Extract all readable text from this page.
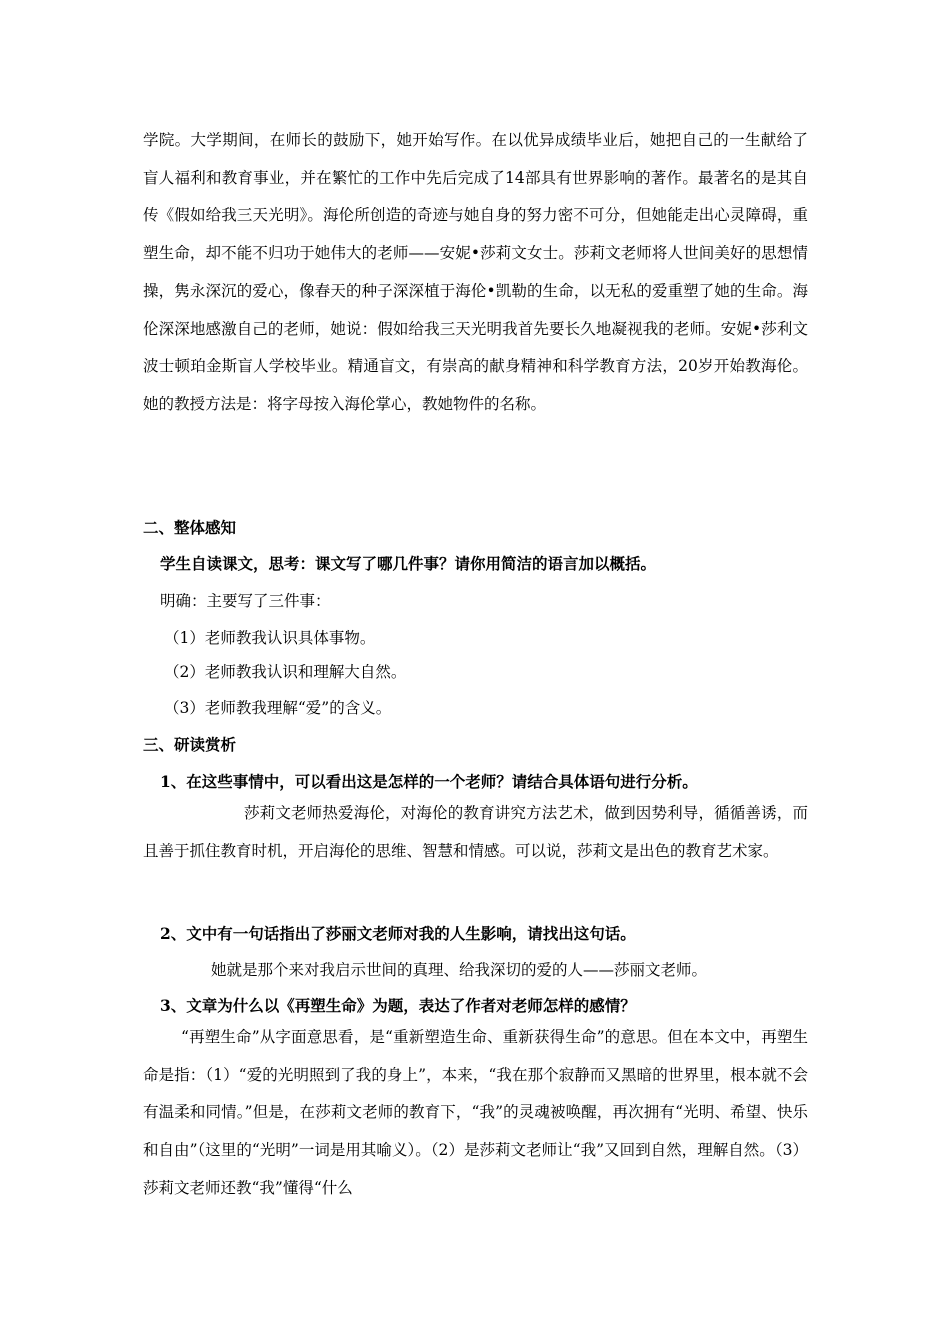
学院。大学期间，在师长的鼓励下，她开始写作。在以优异成绩毕业后，她把自己的一生献给了盲人福利和教育事业，并在繁忙的工作中先后完成了14部具有世界影响的著作。最著名的是其自传《假如给我三天光明》。海伦所创造的奇迹与她自身的努力密不可分，但她能走出心灵障碍，重塑生命，却不能不归功于她伟大的老师——安妮•莎莉文女士。莎莉文老师将人世间美好的思想情操，隽永深沉的爱心，像春天的种子深深植于海伦•凯勒的生命，以无私的爱重塑了她的生命。海伦深深地感激自己的老师，她说：假如给我三天光明我首先要长久地凝视我的老师。安妮•莎利文波士顿珀金斯盲人学校毕业。精通盲文，有崇高的献身精神和科学教育方法，20岁开始教海伦。她的教授方法是：将字母按入海伦掌心，教她物件的名称。

二、整体感知
学生自读课文，思考：课文写了哪几件事？请你用简洁的语言加以概括。
明确：主要写了三件事：
（1）老师教我认识具体事物。
（2）老师教我认识和理解大自然。
（3）老师教我理解“爱”的含义。
三、研读赏析
1、在这些事情中，可以看出这是怎样的一个老师？请结合具体语句进行分析。

莎莉文老师热爱海伦，对海伦的教育讲究方法艺术，做到因势利导，循循善诱，而且善于抓住教育时机，开启海伦的思维、智慧和情感。可以说，莎莉文是出色的教育艺术家。

2、文中有一句话指出了莎丽文老师对我的人生影响，请找出这句话。
她就是那个来对我启示世间的真理、给我深切的爱的人——莎丽文老师。
3、文章为什么以《再塑生命》为题，表达了作者对老师怎样的感情？

“再塑生命”从字面意思看，是“重新塑造生命、重新获得生命”的意思。但在本文中，再塑生命是指：（1）“爱的光明照到了我的身上”，本来，“我在那个寂静而又黑暗的世界里，根本就不会有温柔和同情。”但是，在莎莉文老师的教育下，“我”的灵魂被唤醒，再次拥有“光明、希望、快乐和自由”（这里的“光明”一词是用其喻义）。（2）是莎莉文老师让“我”又回到自然，理解自然。（3）莎莉文老师还教“我”懂得“什么
